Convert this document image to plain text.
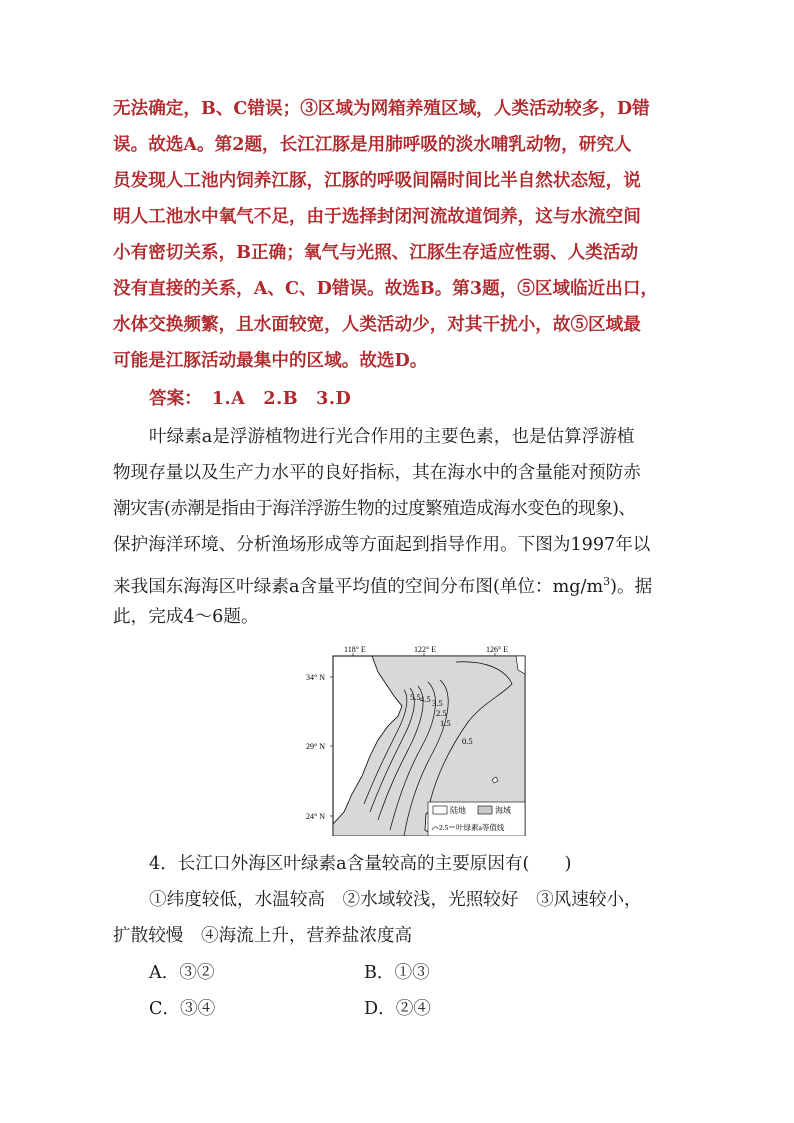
无法确定，B、C错误；③区域为网箱养殖区域，人类活动较多，D错

误。故选A。第2题，长江江豚是用肺呼吸的淡水哺乳动物，研究人

员发现人工池内饲养江豚，江豚的呼吸间隔时间比半自然状态短，说

明人工池水中氧气不足，由于选择封闭河流故道饲养，这与水流空间

小有密切关系，B正确；氧气与光照、江豚生存适应性弱、人类活动

没有直接的关系，A、C、D错误。故选B。第3题，⑤区域临近出口，

水体交换频繁，且水面较宽，人类活动少，对其干扰小，故⑤区域最

可能是江豚活动最集中的区域。故选D。

答案： 1.A 2.B 3.D

叶绿素a是浮游植物进行光合作用的主要色素，也是估算浮游植

物现存量以及生产力水平的良好指标，其在海水中的含量能对预防赤

潮灾害(赤潮是指由于海洋浮游生物的过度繁殖造成海水变色的现象)、

保护海洋环境、分析渔场形成等方面起到指导作用。下图为1997年以

来我国东海海区叶绿素a含量平均值的空间分布图(单位：$mg/m^3$)。据

此，完成4～6题。

118° E	122° E	126° E
34° N
29° N
24° N
5.5 4.5 3.5
2.5
1.5
0.5
陆地	海域
2.5 叶绿素a等值线
4．长江口外海区叶绿素a含量较高的主要原因有(　　)
①纬度较低，水温较高　②水域较浅，光照较好　③风速较小，
扩散较慢　④海流上升，营养盐浓度高
A．③②	B．①③
C．③④	D．②④
